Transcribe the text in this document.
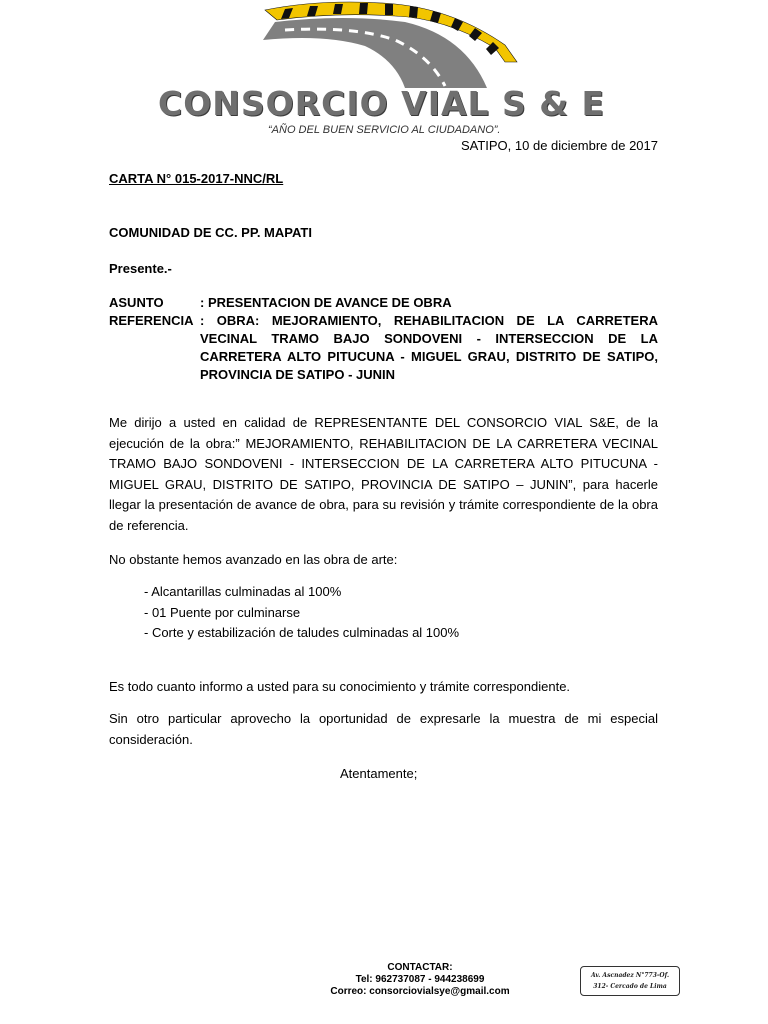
CONSORCIO VIAL S & E
“AÑO DEL BUEN SERVICIO AL CIUDADANO”.
SATIPO, 10 de diciembre de 2017
CARTA N° 015-2017-NNC/RL
COMUNIDAD DE CC. PP. MAPATI
Presente.-
ASUNTO	: PRESENTACION DE AVANCE DE OBRA
REFERENCIA : OBRA: MEJORAMIENTO, REHABILITACION DE LA CARRETERA VECINAL TRAMO BAJO SONDOVENI - INTERSECCION DE LA CARRETERA ALTO PITUCUNA - MIGUEL GRAU, DISTRITO DE SATIPO, PROVINCIA DE SATIPO - JUNIN
Me dirijo a usted en calidad de REPRESENTANTE DEL CONSORCIO VIAL S&E, de la ejecución de la obra:” MEJORAMIENTO, REHABILITACION DE LA CARRETERA VECINAL TRAMO BAJO SONDOVENI - INTERSECCION DE LA CARRETERA ALTO PITUCUNA - MIGUEL GRAU, DISTRITO DE SATIPO, PROVINCIA DE SATIPO – JUNIN”, para hacerle llegar la presentación de avance de obra, para su revisión y trámite correspondiente de la obra de referencia.
No obstante hemos avanzado en las obra de arte:
- Alcantarillas culminadas al 100%
- 01 Puente por culminarse
- Corte y estabilización de taludes culminadas al 100%
Es todo cuanto informo a usted para su conocimiento y trámite correspondiente.
Sin otro particular aprovecho la oportunidad de expresarle la muestra de mi especial consideración.
Atentamente;
CONTACTAR:
Tel: 962737087 - 944238699
Correo: consorciovialsye@gmail.com
Av. Ascnadez N°773-Of.
312- Cercado de Lima
